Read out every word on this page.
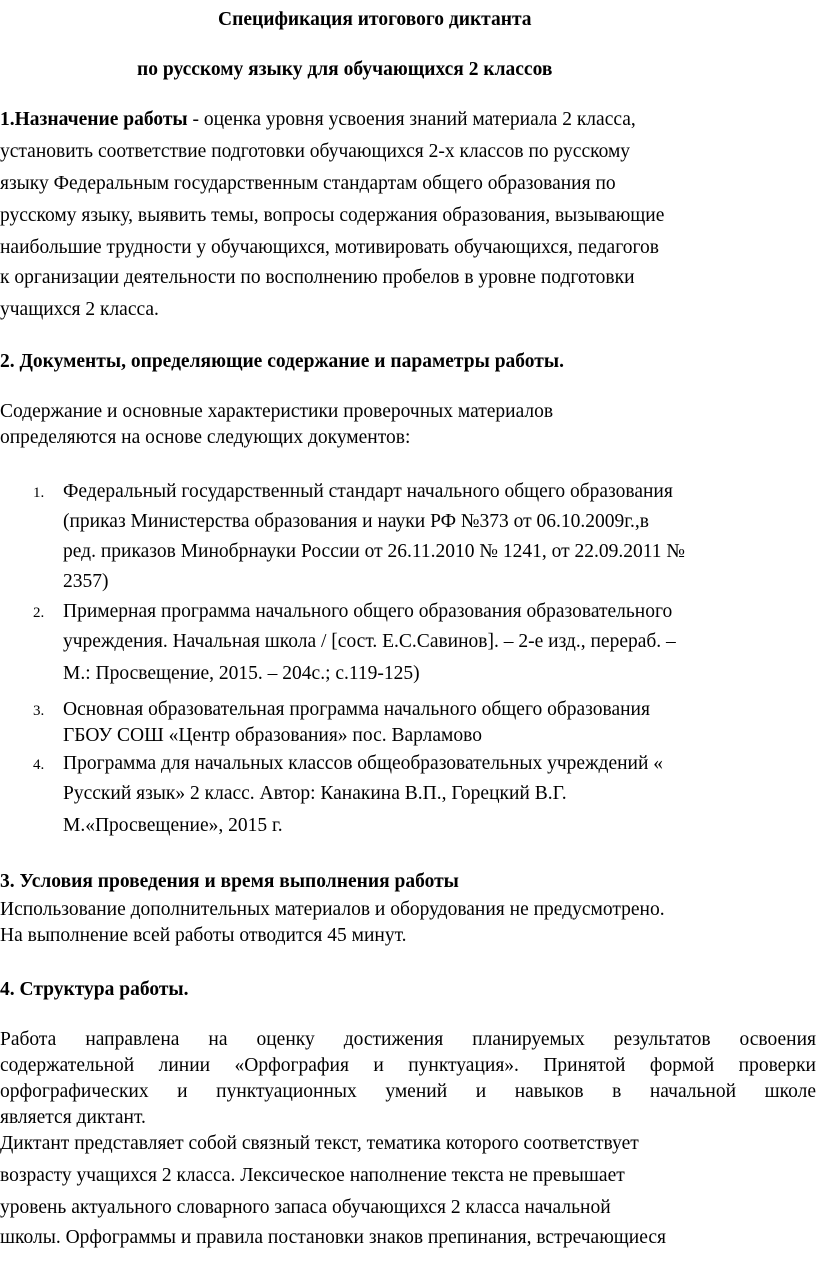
Спецификация итогового диктанта
по русскому языку для обучающихся 2 классов
1.Назначение работы - оценка уровня усвоения знаний материала 2 класса,
установить соответствие подготовки обучающихся 2-х классов по русскому
языку Федеральным государственным стандартам общего образования по
русскому языку, выявить темы, вопросы содержания образования, вызывающие
наибольшие трудности у обучающихся, мотивировать обучающихся, педагогов
к организации деятельности по восполнению пробелов в уровне подготовки
учащихся 2 класса.
2. Документы, определяющие содержание и параметры работы.
Содержание и основные характеристики проверочных материалов
определяются на основе следующих документов:
1. Федеральный государственный стандарт начального общего образования
(приказ Министерства образования и науки РФ №373 от 06.10.2009г.,в
ред. приказов Минобрнауки России от 26.11.2010 № 1241, от 22.09.2011 №
2357)
2. Примерная программа начального общего образования образовательного
учреждения. Начальная школа / [сост. Е.С.Савинов]. – 2-е изд., перераб. –
М.: Просвещение, 2015. – 204с.; с.119-125)
3. Основная образовательная программа начального общего образования
ГБОУ СОШ «Центр образования» пос. Варламово
4. Программа для начальных классов общеобразовательных учреждений «
Русский язык» 2 класс. Автор: Канакина В.П., Горецкий В.Г.
М.«Просвещение», 2015 г.
3. Условия проведения и время выполнения работы
Использование дополнительных материалов и оборудования не предусмотрено.
На выполнение всей работы отводится 45 минут.
4. Структура работы.
Работа направлена на оценку достижения планируемых результатов освоения
содержательной линии «Орфография и пунктуация». Принятой формой проверки
орфографических и пунктуационных умений и навыков в начальной школе
является диктант.
Диктант представляет собой связный текст, тематика которого соответствует
возрасту учащихся 2 класса. Лексическое наполнение текста не превышает
уровень актуального словарного запаса обучающихся 2 класса начальной
школы. Орфограммы и правила постановки знаков препинания, встречающиеся
